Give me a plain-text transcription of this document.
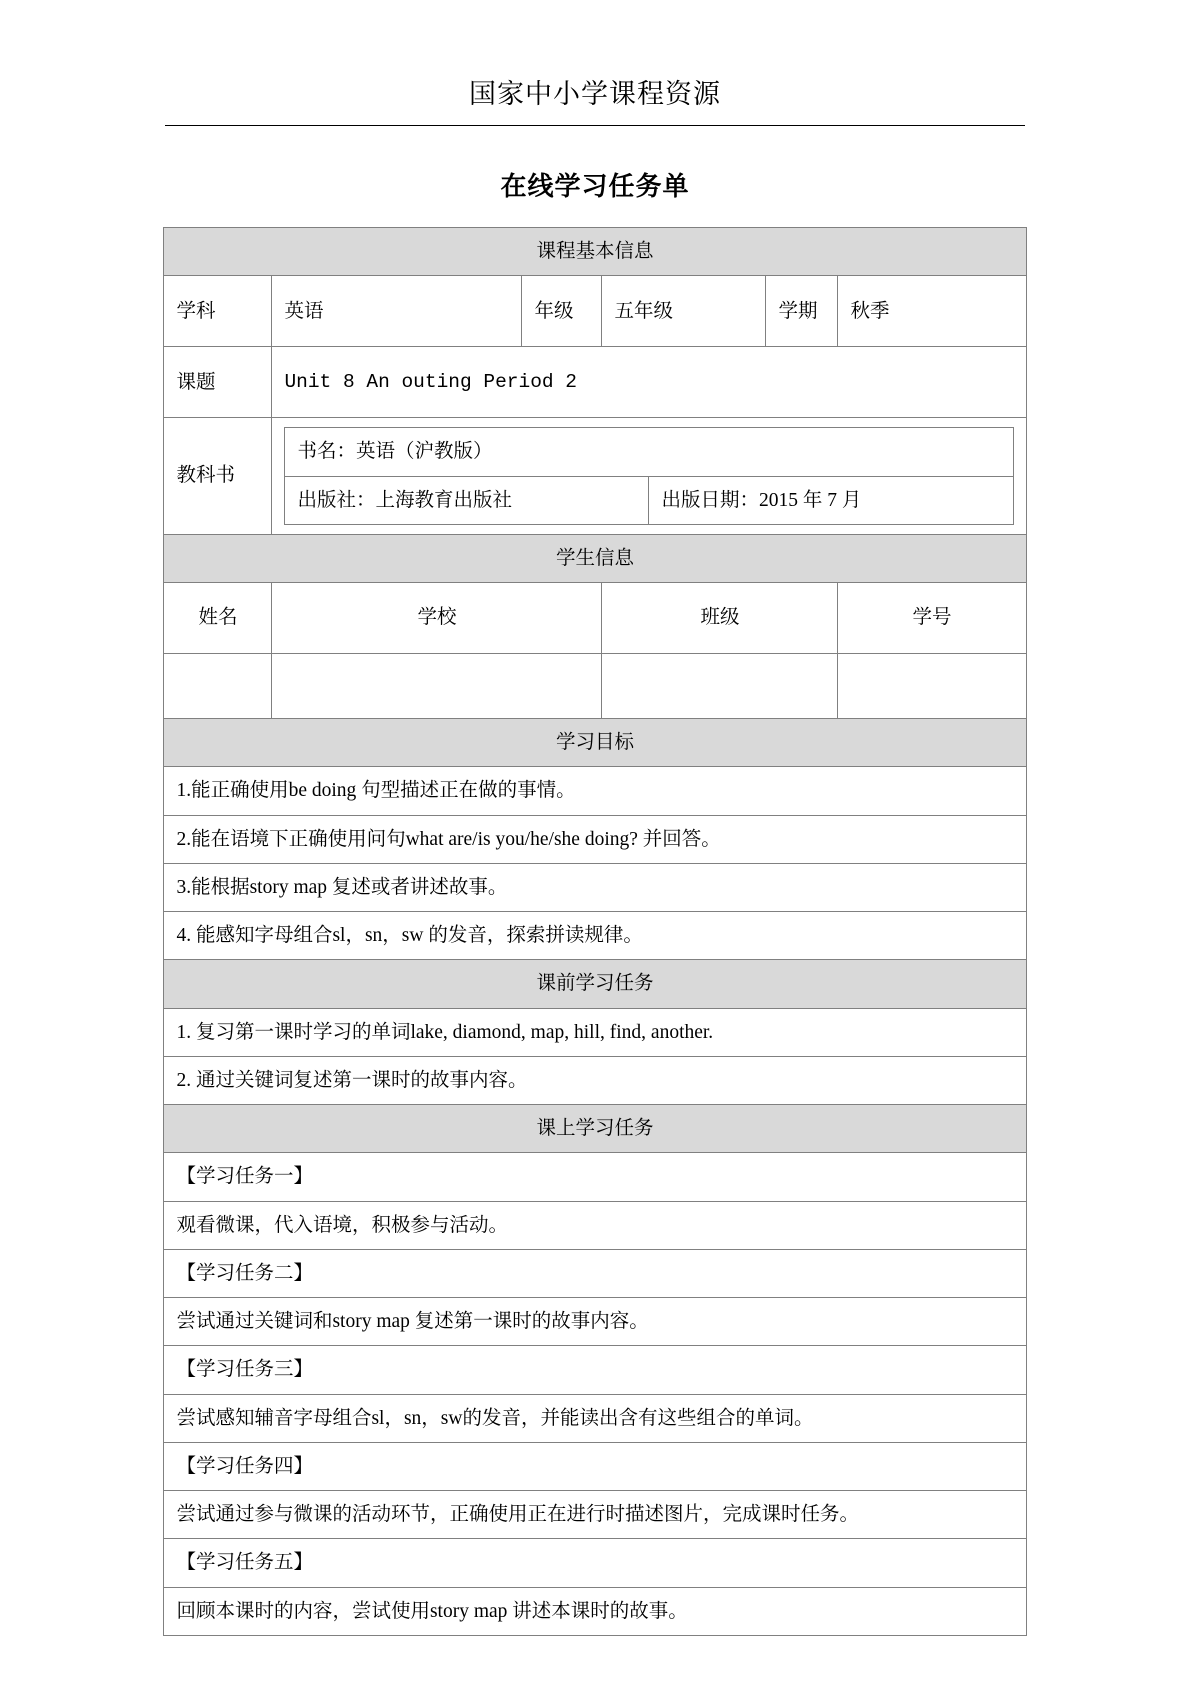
国家中小学课程资源
在线学习任务单
课程基本信息
学科	英语	年级	五年级	学期	秋季
课题	Unit 8 An outing Period 2
教科书	
书名：英语（沪教版）
出版社：上海教育出版社	出版日期：2015 年 7 月

学生信息
姓名	学校	班级	学号

学习目标
1.能正确使用be doing 句型描述正在做的事情。
2.能在语境下正确使用问句what are/is you/he/she doing? 并回答。
3.能根据story map 复述或者讲述故事。
4. 能感知字母组合sl，sn，sw 的发音，探索拼读规律。
课前学习任务
1. 复习第一课时学习的单词lake, diamond, map, hill, find, another.
2. 通过关键词复述第一课时的故事内容。
课上学习任务
【学习任务一】
观看微课，代入语境，积极参与活动。
【学习任务二】
尝试通过关键词和story map 复述第一课时的故事内容。
【学习任务三】
尝试感知辅音字母组合sl，sn，sw的发音，并能读出含有这些组合的单词。
【学习任务四】
尝试通过参与微课的活动环节，正确使用正在进行时描述图片，完成课时任务。
【学习任务五】
回顾本课时的内容，尝试使用story map 讲述本课时的故事。
